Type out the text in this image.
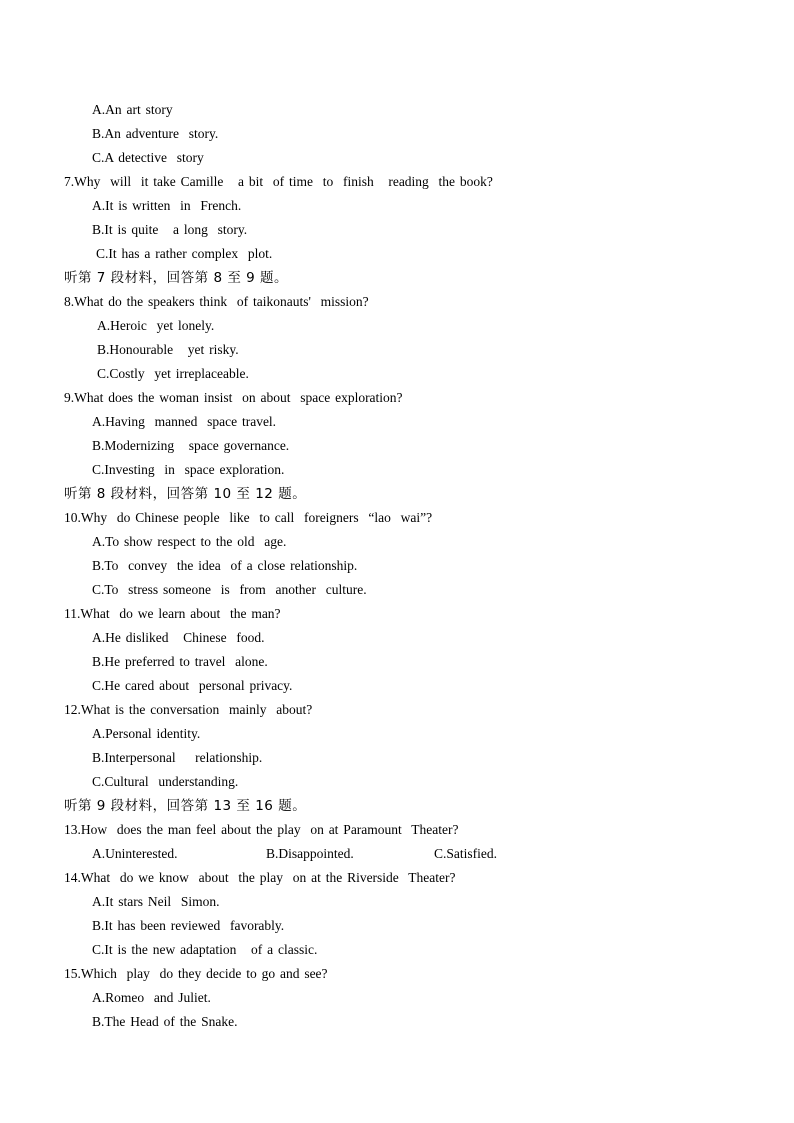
A.An art story
B.An adventure  story.
C.A detective  story
7.Why  will  it take Camille   a bit  of time  to  finish   reading  the book?
A.It is written  in  French.
B.It is quite   a long  story.
C.It has a rather complex  plot.
听第 7 段材料，回答第 8 至 9 题。
8.What do the speakers think  of taikonauts'  mission?
A.Heroic  yet lonely.
B.Honourable   yet risky.
C.Costly  yet irreplaceable.
9.What does the woman insist  on about  space exploration?
A.Having  manned  space travel.
B.Modernizing   space governance.
C.Investing  in  space exploration.
听第 8 段材料，回答第 10 至 12 题。
10.Why  do Chinese people  like  to call  foreigners  “lao  wai”?
A.To show respect to the old  age.
B.To  convey  the idea  of a close relationship.
C.To  stress someone  is  from  another  culture.
11.What  do we learn about  the man?
A.He disliked   Chinese  food.
B.He preferred to travel  alone.
C.He cared about  personal privacy.
12.What is the conversation  mainly  about?
A.Personal identity.
B.Interpersonal    relationship.
C.Cultural  understanding.
听第 9 段材料，回答第 13 至 16 题。
13.How  does the man feel about the play  on at Paramount  Theater?
A.Uninterested.	B.Disappointed.	C.Satisfied.
14.What  do we know  about  the play  on at the Riverside  Theater?
A.It stars Neil  Simon.
B.It has been reviewed  favorably.
C.It is the new adaptation   of a classic.
15.Which  play  do they decide to go and see?
A.Romeo  and Juliet.
B.The Head of the Snake.
